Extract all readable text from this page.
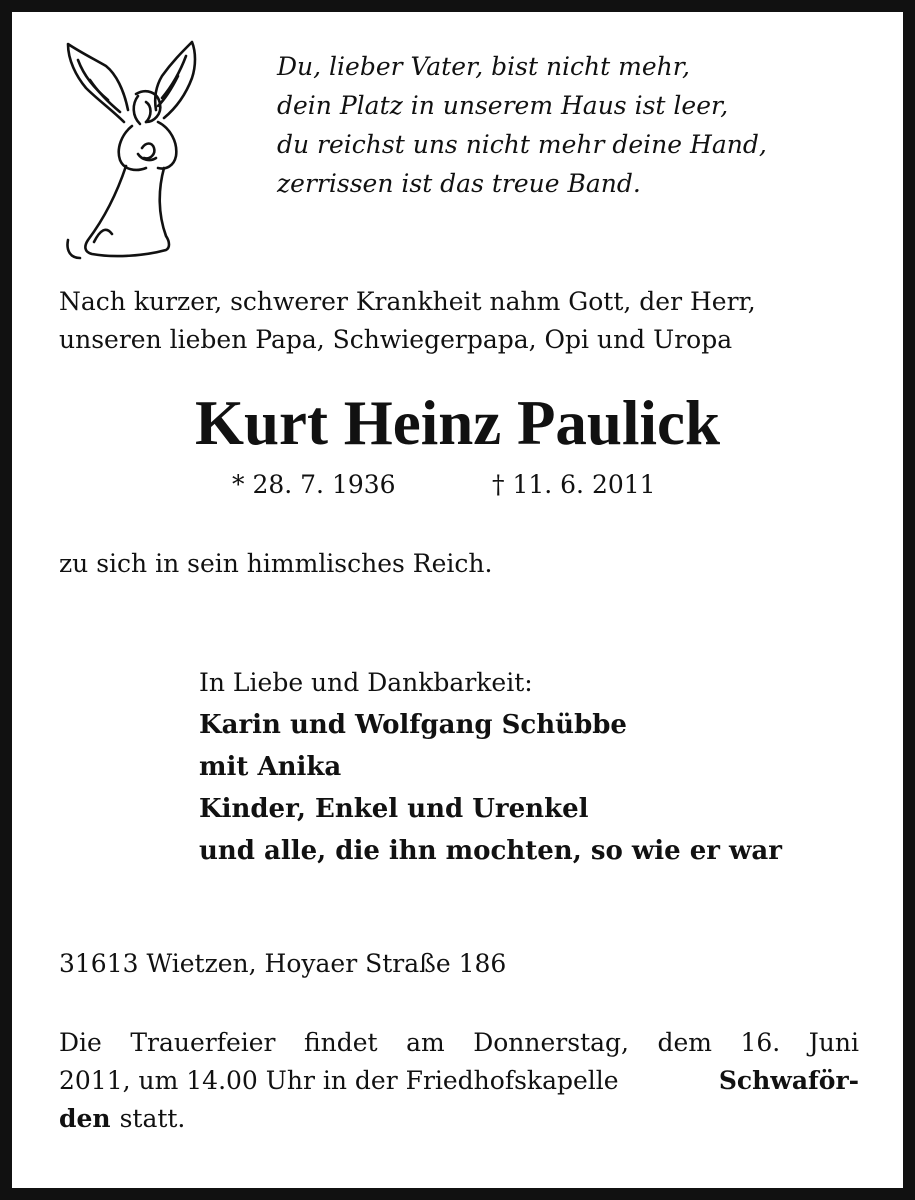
Du, lieber Vater, bist nicht mehr,
dein Platz in unserem Haus ist leer,
du reichst uns nicht mehr deine Hand,
zerrissen ist das treue Band.
Nach kurzer, schwerer Krankheit nahm Gott, der Herr,
unseren lieben Papa, Schwiegerpapa, Opi und Uropa
Kurt Heinz Paulick
* 28. 7. 1936	† 11. 6. 2011
zu sich in sein himmlisches Reich.
In Liebe und Dankbarkeit:
Karin und Wolfgang Schübbe
mit Anika
Kinder, Enkel und Urenkel
und alle, die ihn mochten, so wie er war
31613 Wietzen, Hoyaer Straße 186
Die Trauerfeier findet am Donnerstag, dem 16. Juni
2011, um 14.00 Uhr in der Friedhofskapelle	Schwaför-
den statt.
